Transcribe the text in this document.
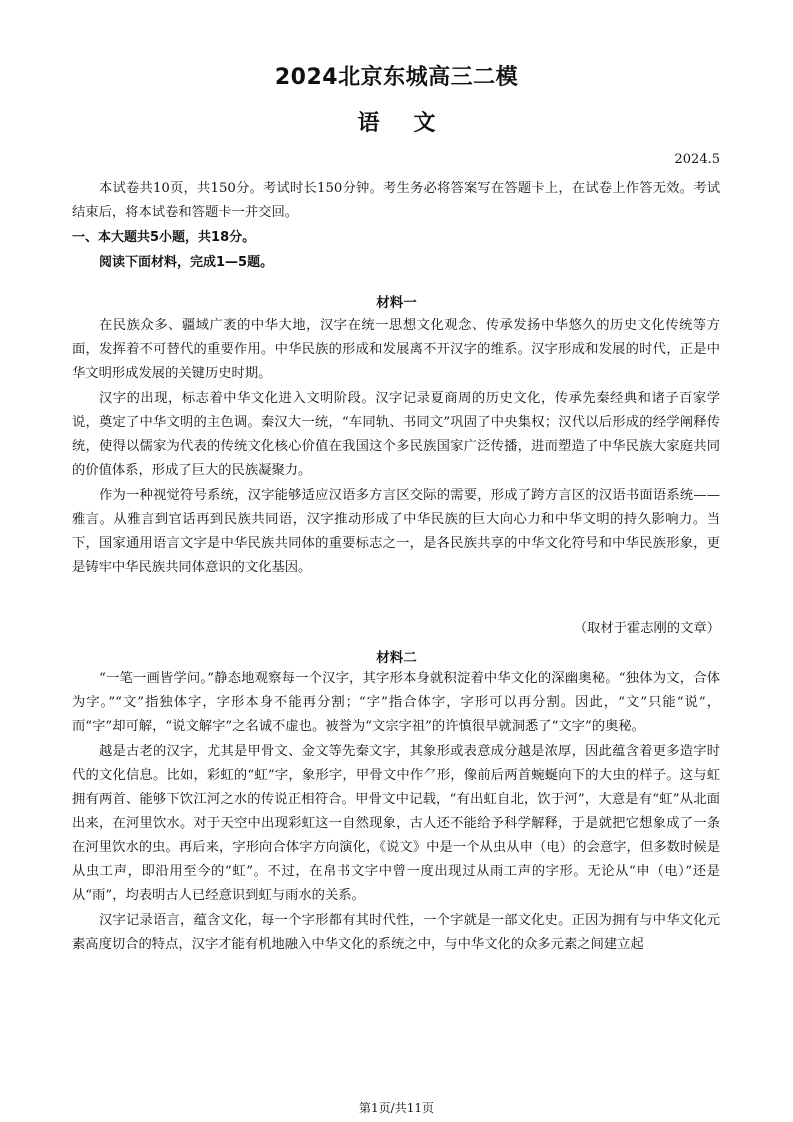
2024北京东城高三二模
语文
2024.5

本试卷共10页，共150分。考试时长150分钟。考生务必将答案写在答题卡上，在试卷上作答无效。考试结束后，将本试卷和答题卡一并交回。

一、本大题共5小题，共18分。

阅读下面材料，完成1—5题。

材料一

在民族众多、疆域广袤的中华大地，汉字在统一思想文化观念、传承发扬中华悠久的历史文化传统等方面，发挥着不可替代的重要作用。中华民族的形成和发展离不开汉字的维系。汉字形成和发展的时代，正是中华文明形成发展的关键历史时期。

汉字的出现，标志着中华文化进入文明阶段。汉字记录夏商周的历史文化，传承先秦经典和诸子百家学说，奠定了中华文明的主色调。秦汉大一统，“车同轨、书同文”巩固了中央集权；汉代以后形成的经学阐释传统，使得以儒家为代表的传统文化核心价值在我国这个多民族国家广泛传播，进而塑造了中华民族大家庭共同的价值体系，形成了巨大的民族凝聚力。

作为一种视觉符号系统，汉字能够适应汉语多方言区交际的需要，形成了跨方言区的汉语书面语系统——雅言。从雅言到官话再到民族共同语，汉字推动形成了中华民族的巨大向心力和中华文明的持久影响力。当下，国家通用语言文字是中华民族共同体的重要标志之一，是各民族共享的中华文化符号和中华民族形象，更是铸牢中华民族共同体意识的文化基因。

（取材于霍志刚的文章）
材料二

“一笔一画皆学问。”静态地观察每一个汉字，其字形本身就积淀着中华文化的深幽奥秘。“独体为文，合体为字。”“文”指独体字，字形本身不能再分割；“字”指合体字，字形可以再分割。因此，“文”只能“说”，而“字”却可解，“说文解字”之名诚不虚也。被誉为“文宗字祖”的许慎很早就洞悉了“文字”的奥秘。

越是古老的汉字，尤其是甲骨文、金文等先秦文字，其象形或表意成分越是浓厚，因此蕴含着更多造字时代的文化信息。比如，彩虹的“虹”字，象形字，甲骨文中作⺈形，像前后两首蜿蜒向下的大虫的样子。这与虹拥有两首、能够下饮江河之水的传说正相符合。甲骨文中记载，“有出虹自北，饮于河”，大意是有“虹”从北面出来，在河里饮水。对于天空中出现彩虹这一自然现象，古人还不能给予科学解释，于是就把它想象成了一条在河里饮水的虫。再后来，字形向合体字方向演化，《说文》中是一个从虫从申（电）的会意字，但多数时候是从虫工声，即沿用至今的“虹”。不过，在帛书文字中曾一度出现过从雨工声的字形。无论从“申（电）”还是从“雨”，均表明古人已经意识到虹与雨水的关系。

汉字记录语言，蕴含文化，每一个字形都有其时代性，一个字就是一部文化史。正因为拥有与中华文化元素高度切合的特点，汉字才能有机地融入中华文化的系统之中，与中华文化的众多元素之间建立起

第1页/共11页
